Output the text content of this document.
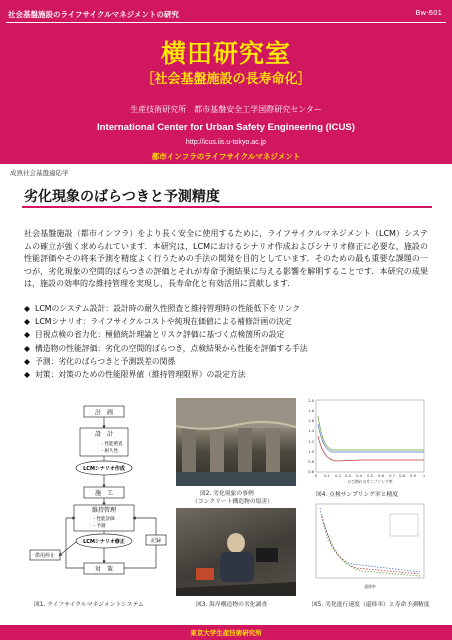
社会基盤施設のライフサイクルマネジメントの研究	Bw-601
横田研究室
［社会基盤施設の長寿命化］
生産技術研究所　都市基盤安全工学国際研究センター
International Center for Urban Safety Engineering (ICUS)
http://icus.iis.u-tokyo.ac.jp
都市インフラのライフサイクルマネジメント
成熟社会基盤適応学
劣化現象のばらつきと予測精度

社会基盤施設（都市インフラ）をより長く安全に使用するために，ライフサイクルマネジメント（LCM）システムの確立が強く求められています．本研究は，LCMにおけるシナリオ作成およびシナリオ修正に必要な，施設の性能評価やその将来予測を精度よく行うための手法の開発を目的としています．そのための最も重要な課題の一つが，劣化現象の空間的ばらつきの評価とそれが寿命予測結果に与える影響を解明することです．本研究の成果は，施設の効率的な維持管理を実現し，長寿命化と有効活用に貢献します．

◆ LCMのシステム設計：設計時の耐久性照査と維持管理時の性能低下をリンク
◆ LCMシナリオ：ライフサイクルコストや純現在価値による補修計画の決定
◆ 目視点検の省力化：極値統計理論とリスク評価に基づく点検箇所の設定
◆ 構造物の性能評価：劣化の空間的ばらつき，点検結果から性能を評価する手法
◆ 予測：劣化のばらつきと予測誤差の関係
◆ 対策：対策のための性能限界値（維持管理限界）の設定方法
計　画
設　計
・性能照査
・耐久性
LCMシナリオ作成
施　工
維持管理
・性能評価
・予測
LCMシナリオ修正
対　策
供用停止
記録
図1. ライフサイクルマネジメントシステム
図2. 劣化現象の事例
（コンクリート構造物の塩害）
図3. 海岸構造物の劣化調査
2.0
1.8
1.6
1.4
1.2
1.0
0.8
0.6
0 0.1 0.2 0.3 0.4 0.5 0.6 0.7 0.8 0.9 1
ひび割れのサンプリング率
図4. 点検サンプリング率と精度
還移率
図5. 劣化進行速度（還移率）と寿命予測精度
東京大学生産技術研究所
